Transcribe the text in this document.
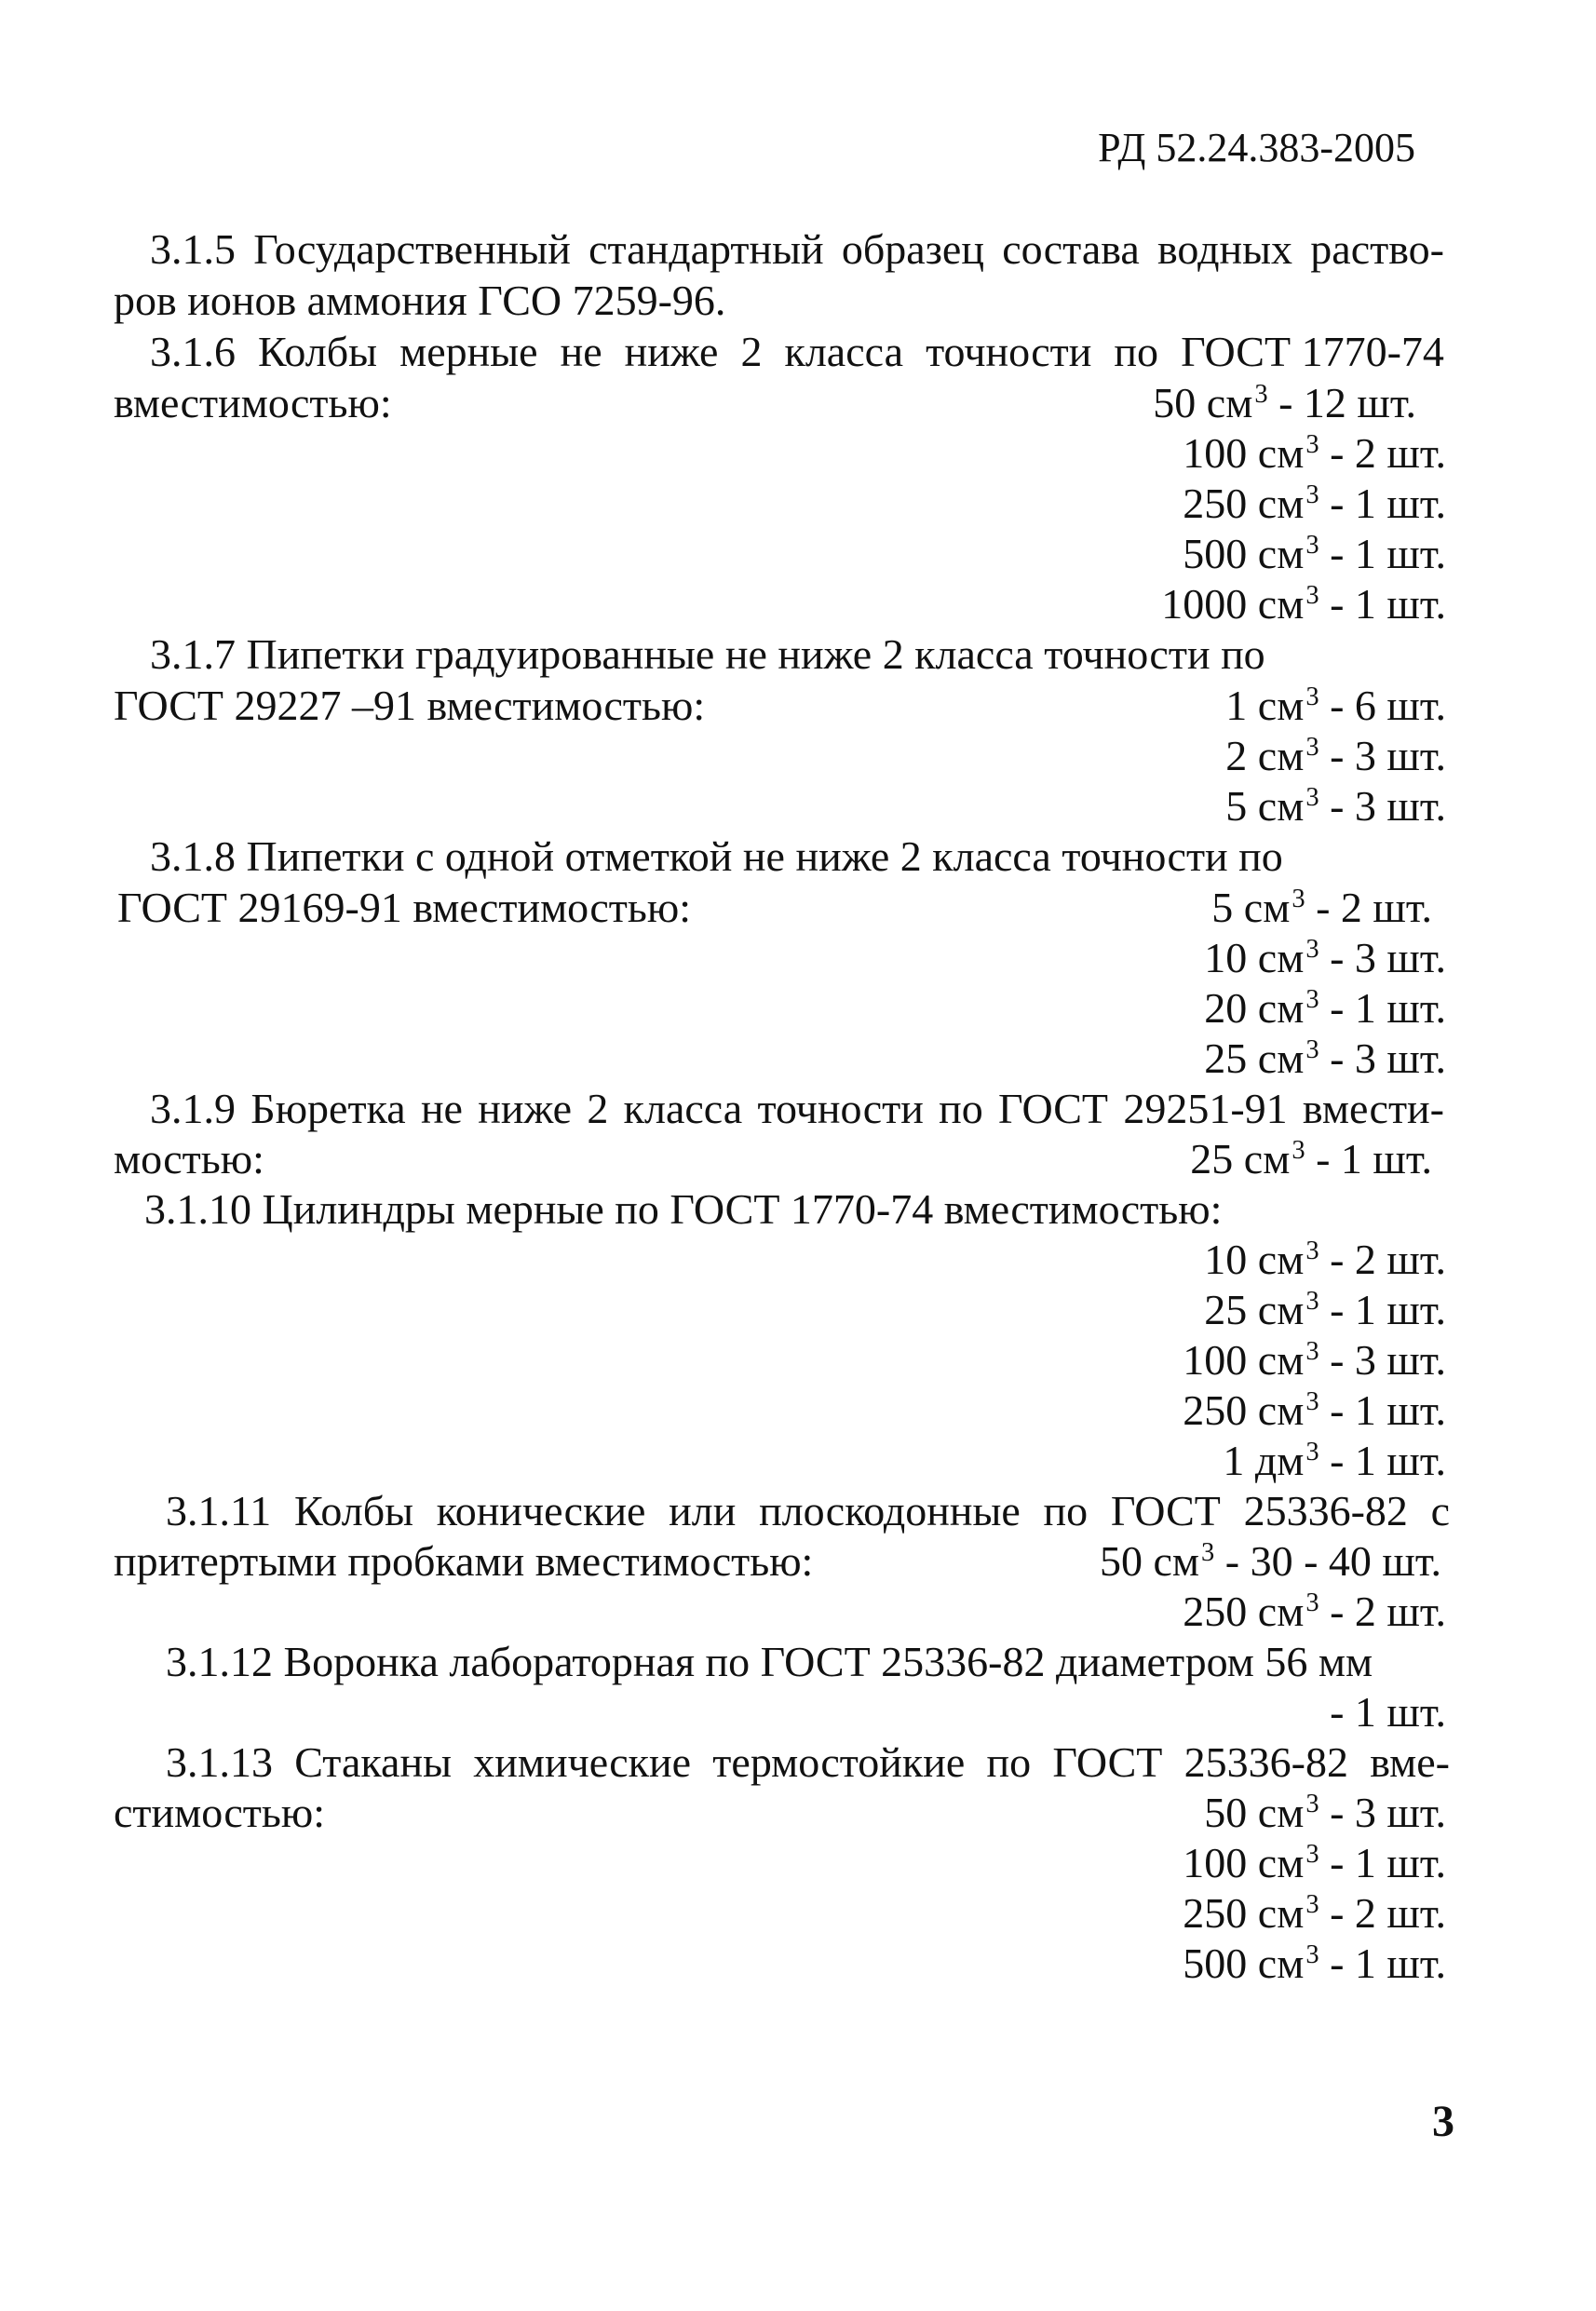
РД 52.24.383-2005
3.1.5 Государственный стандартный образец состава водных раство-
ров ионов аммония ГСО 7259-96.
3.1.6 Колбы мерные не ниже 2 класса точности по ГОСТ 1770-74
вместимостью:	50 $см^3 - 12$ шт.
100 $см^3 - 2$ шт.
250 $см^3 - 1$ шт.
500 $см^3 - 1$ шт.
1000 $см^3 - 1$ шт.
3.1.7 Пипетки градуированные не ниже 2 класса точности по
ГОСТ 29227 –91 вместимостью:	1 $см^3 - 6$ шт.
2 $см^3 - 3$ шт.
5 $см^3 - 3$ шт.
3.1.8 Пипетки с одной отметкой не ниже 2 класса точности по
ГОСТ 29169-91 вместимостью:	5 $см^3 - 2$ шт.
10 $см^3 - 3$ шт.
20 $см^3 - 1$ шт.
25 $см^3 - 3$ шт.
3.1.9 Бюретка не ниже 2 класса точности по ГОСТ 29251-91 вмести-
мостью:	25 $см^3 - 1$ шт.
3.1.10 Цилиндры мерные по ГОСТ 1770-74 вместимостью:
10 $см^3 - 2$ шт.
25 $см^3 - 1$ шт.
100 $см^3 - 3$ шт.
250 $см^3 - 1$ шт.
1 $дм^3 - 1$ шт.
3.1.11 Колбы конические или плоскодонные по ГОСТ 25336-82 с
притертыми пробками вместимостью:	50 $см^3 - 30 - 40$ шт.
250 $см^3 - 2$ шт.
3.1.12 Воронка лабораторная по ГОСТ 25336-82 диаметром 56 мм
- 1 шт.
3.1.13 Стаканы химические термостойкие по ГОСТ 25336-82 вме-
стимостью:	50 $см^3 - 3$ шт.
100 $см^3 - 1$ шт.
250 $см^3 - 2$ шт.
500 $см^3 - 1$ шт.
3
